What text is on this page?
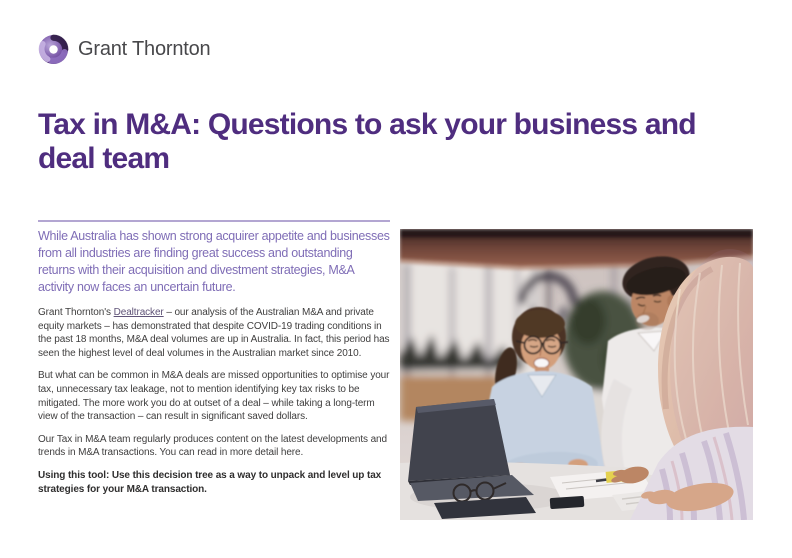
Grant Thornton
Tax in M&A: Questions to ask your business and deal team

While Australia has shown strong acquirer appetite and businesses from all industries are finding great success and outstanding returns with their acquisition and divestment strategies, M&A activity now faces an uncertain future.

Grant Thornton's Dealtracker – our analysis of the Australian M&A and private equity markets – has demonstrated that despite COVID-19 trading conditions in the past 18 months, M&A deal volumes are up in Australia. In fact, this period has seen the highest level of deal volumes in the Australian market since 2010.

But what can be common in M&A deals are missed opportunities to optimise your tax, unnecessary tax leakage, not to mention identifying key tax risks to be mitigated. The more work you do at outset of a deal – while taking a long-term view of the transaction – can result in significant saved dollars.

Our Tax in M&A team regularly produces content on the latest developments and trends in M&A transactions. You can read in more detail here.

Using this tool: Use this decision tree as a way to unpack and level up tax strategies for your M&A transaction.
